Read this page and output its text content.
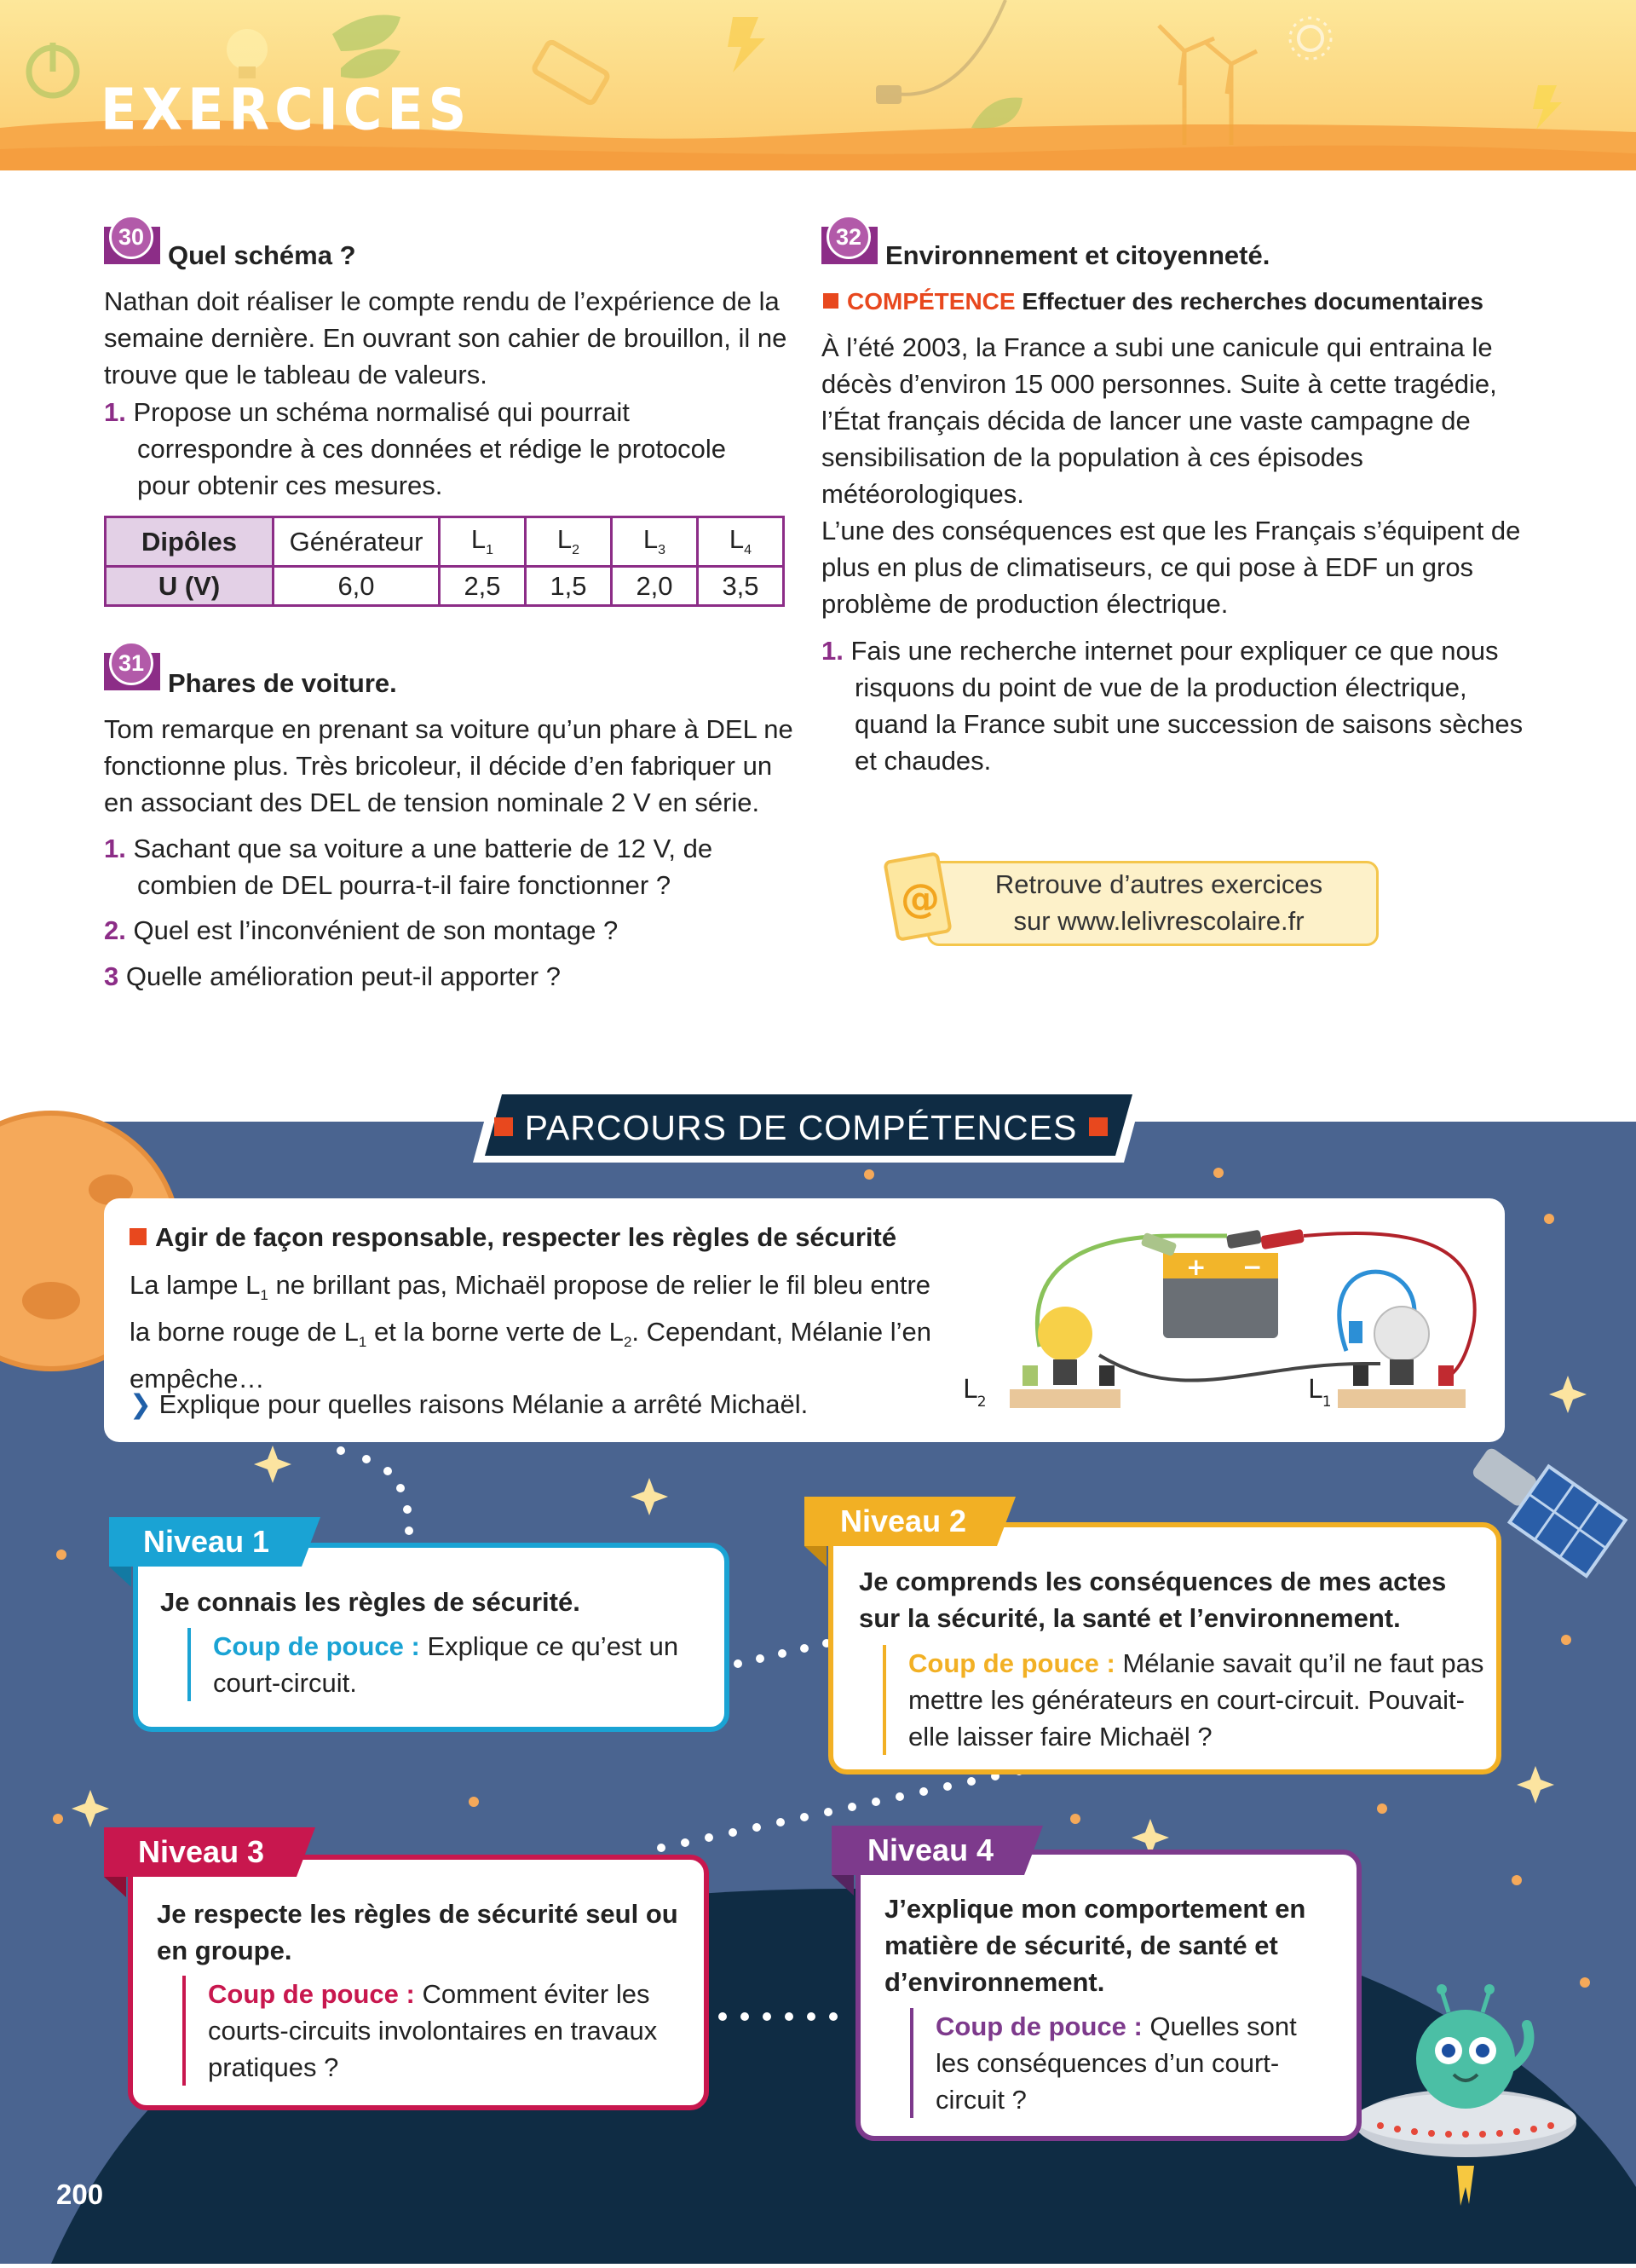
EXERCICES
30
Quel schéma ?
Nathan doit réaliser le compte rendu de l’expérience de la semaine dernière. En ouvrant son cahier de brouillon, il ne trouve que le tableau de valeurs.
1. Propose un schéma normalisé qui pourrait correspondre à ces données et rédige le protocole pour obtenir ces mesures.
Dipôles	Générateur	$L_1$	$L_2$	$L_3$	$L_4$
U (V)	6,0	2,5	1,5	2,0	3,5
31
Phares de voiture.
Tom remarque en prenant sa voiture qu’un phare à DEL ne fonctionne plus. Très bricoleur, il décide d’en fabriquer un en associant des DEL de tension nominale 2 V en série.
1. Sachant que sa voiture a une batterie de 12 V, de combien de DEL pourra-t-il faire fonctionner ?
2. Quel est l’inconvénient de son montage ?
3 Quelle amélioration peut-il apporter ?
32
Environnement et citoyenneté.
COMPÉTENCE Effectuer des recherches documentaires
À l’été 2003, la France a subi une canicule qui entraina le décès d’environ 15 000 personnes. Suite à cette tragédie, l’État français décida de lancer une vaste campagne de sensibilisation de la population à ces épisodes météorologiques.
L’une des conséquences est que les Français s’équipent de plus en plus de climatiseurs, ce qui pose à EDF un gros problème de production électrique.
1. Fais une recherche internet pour expliquer ce que nous risquons du point de vue de la production électrique, quand la France subit une succession de saisons sèches et chaudes.
@	Retrouve d’autres exercices
sur www.lelivrescolaire.fr
PARCOURS DE COMPÉTENCES
Agir de façon responsable, respecter les règles de sécurité
La lampe $L_1$ ne brillant pas, Michaël propose de relier le fil bleu entre la borne rouge de $L_1$ et la borne verte de $L_2$. Cependant, Mélanie l’en empêche…
❯ Explique pour quelles raisons Mélanie a arrêté Michaël.
+ −
$L_2$	$L_1$
Niveau 1
Je connais les règles de sécurité.
Coup de pouce : Explique ce qu’est un court-circuit.
Niveau 2
Je comprends les conséquences de mes actes sur la sécurité, la santé et l’environnement.
Coup de pouce : Mélanie savait qu’il ne faut pas mettre les générateurs en court-circuit. Pouvait-elle laisser faire Michaël ?
Niveau 3
Je respecte les règles de sécurité seul ou en groupe.
Coup de pouce : Comment éviter les courts-circuits involontaires en travaux pratiques ?
Niveau 4
J’explique mon comportement en matière de sécurité, de santé et d’environnement.
Coup de pouce : Quelles sont les conséquences d’un court-circuit ?
200
